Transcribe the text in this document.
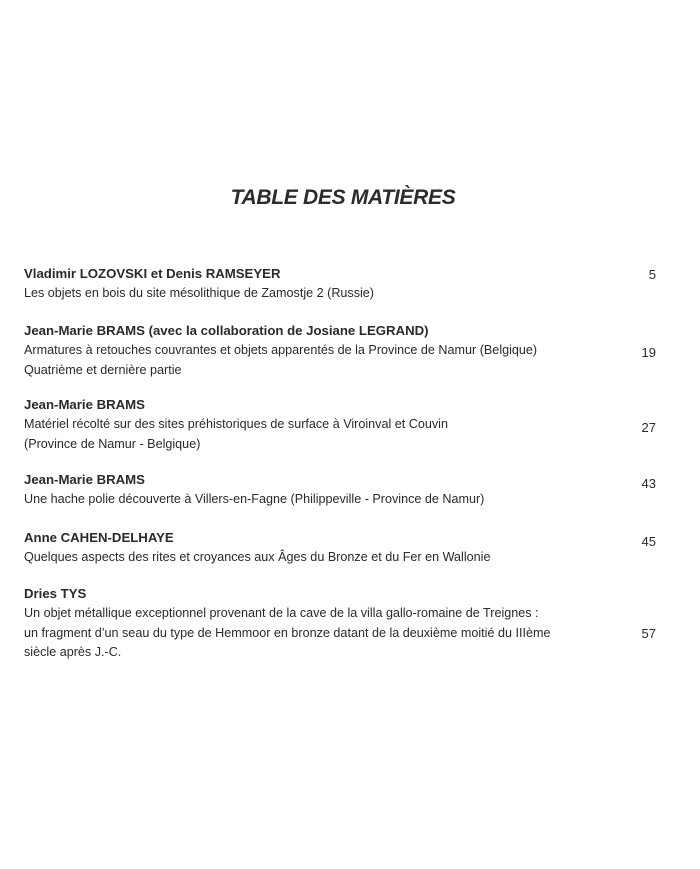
TABLE DES MATIÈRES
Vladimir LOZOVSKI et Denis RAMSEYER
Les objets en bois du site mésolithique de Zamostje 2 (Russie)
5
Jean-Marie BRAMS (avec la collaboration de Josiane LEGRAND)
Armatures à retouches couvrantes et objets apparentés de la Province de Namur (Belgique)
Quatrième et dernière partie
19
Jean-Marie BRAMS
Matériel récolté sur des sites préhistoriques de surface à Viroinval et Couvin
(Province de Namur - Belgique)
27
Jean-Marie BRAMS
Une hache polie découverte à Villers-en-Fagne (Philippeville - Province de Namur)
43
Anne CAHEN-DELHAYE
Quelques aspects des rites et croyances aux Âges du Bronze et du Fer en Wallonie
45
Dries TYS
Un objet métallique exceptionnel provenant de la cave de la villa gallo-romaine de Treignes :
un fragment d’un seau du type de Hemmoor en bronze datant de la deuxième moitié du IIIème
siècle après J.-C.
57
